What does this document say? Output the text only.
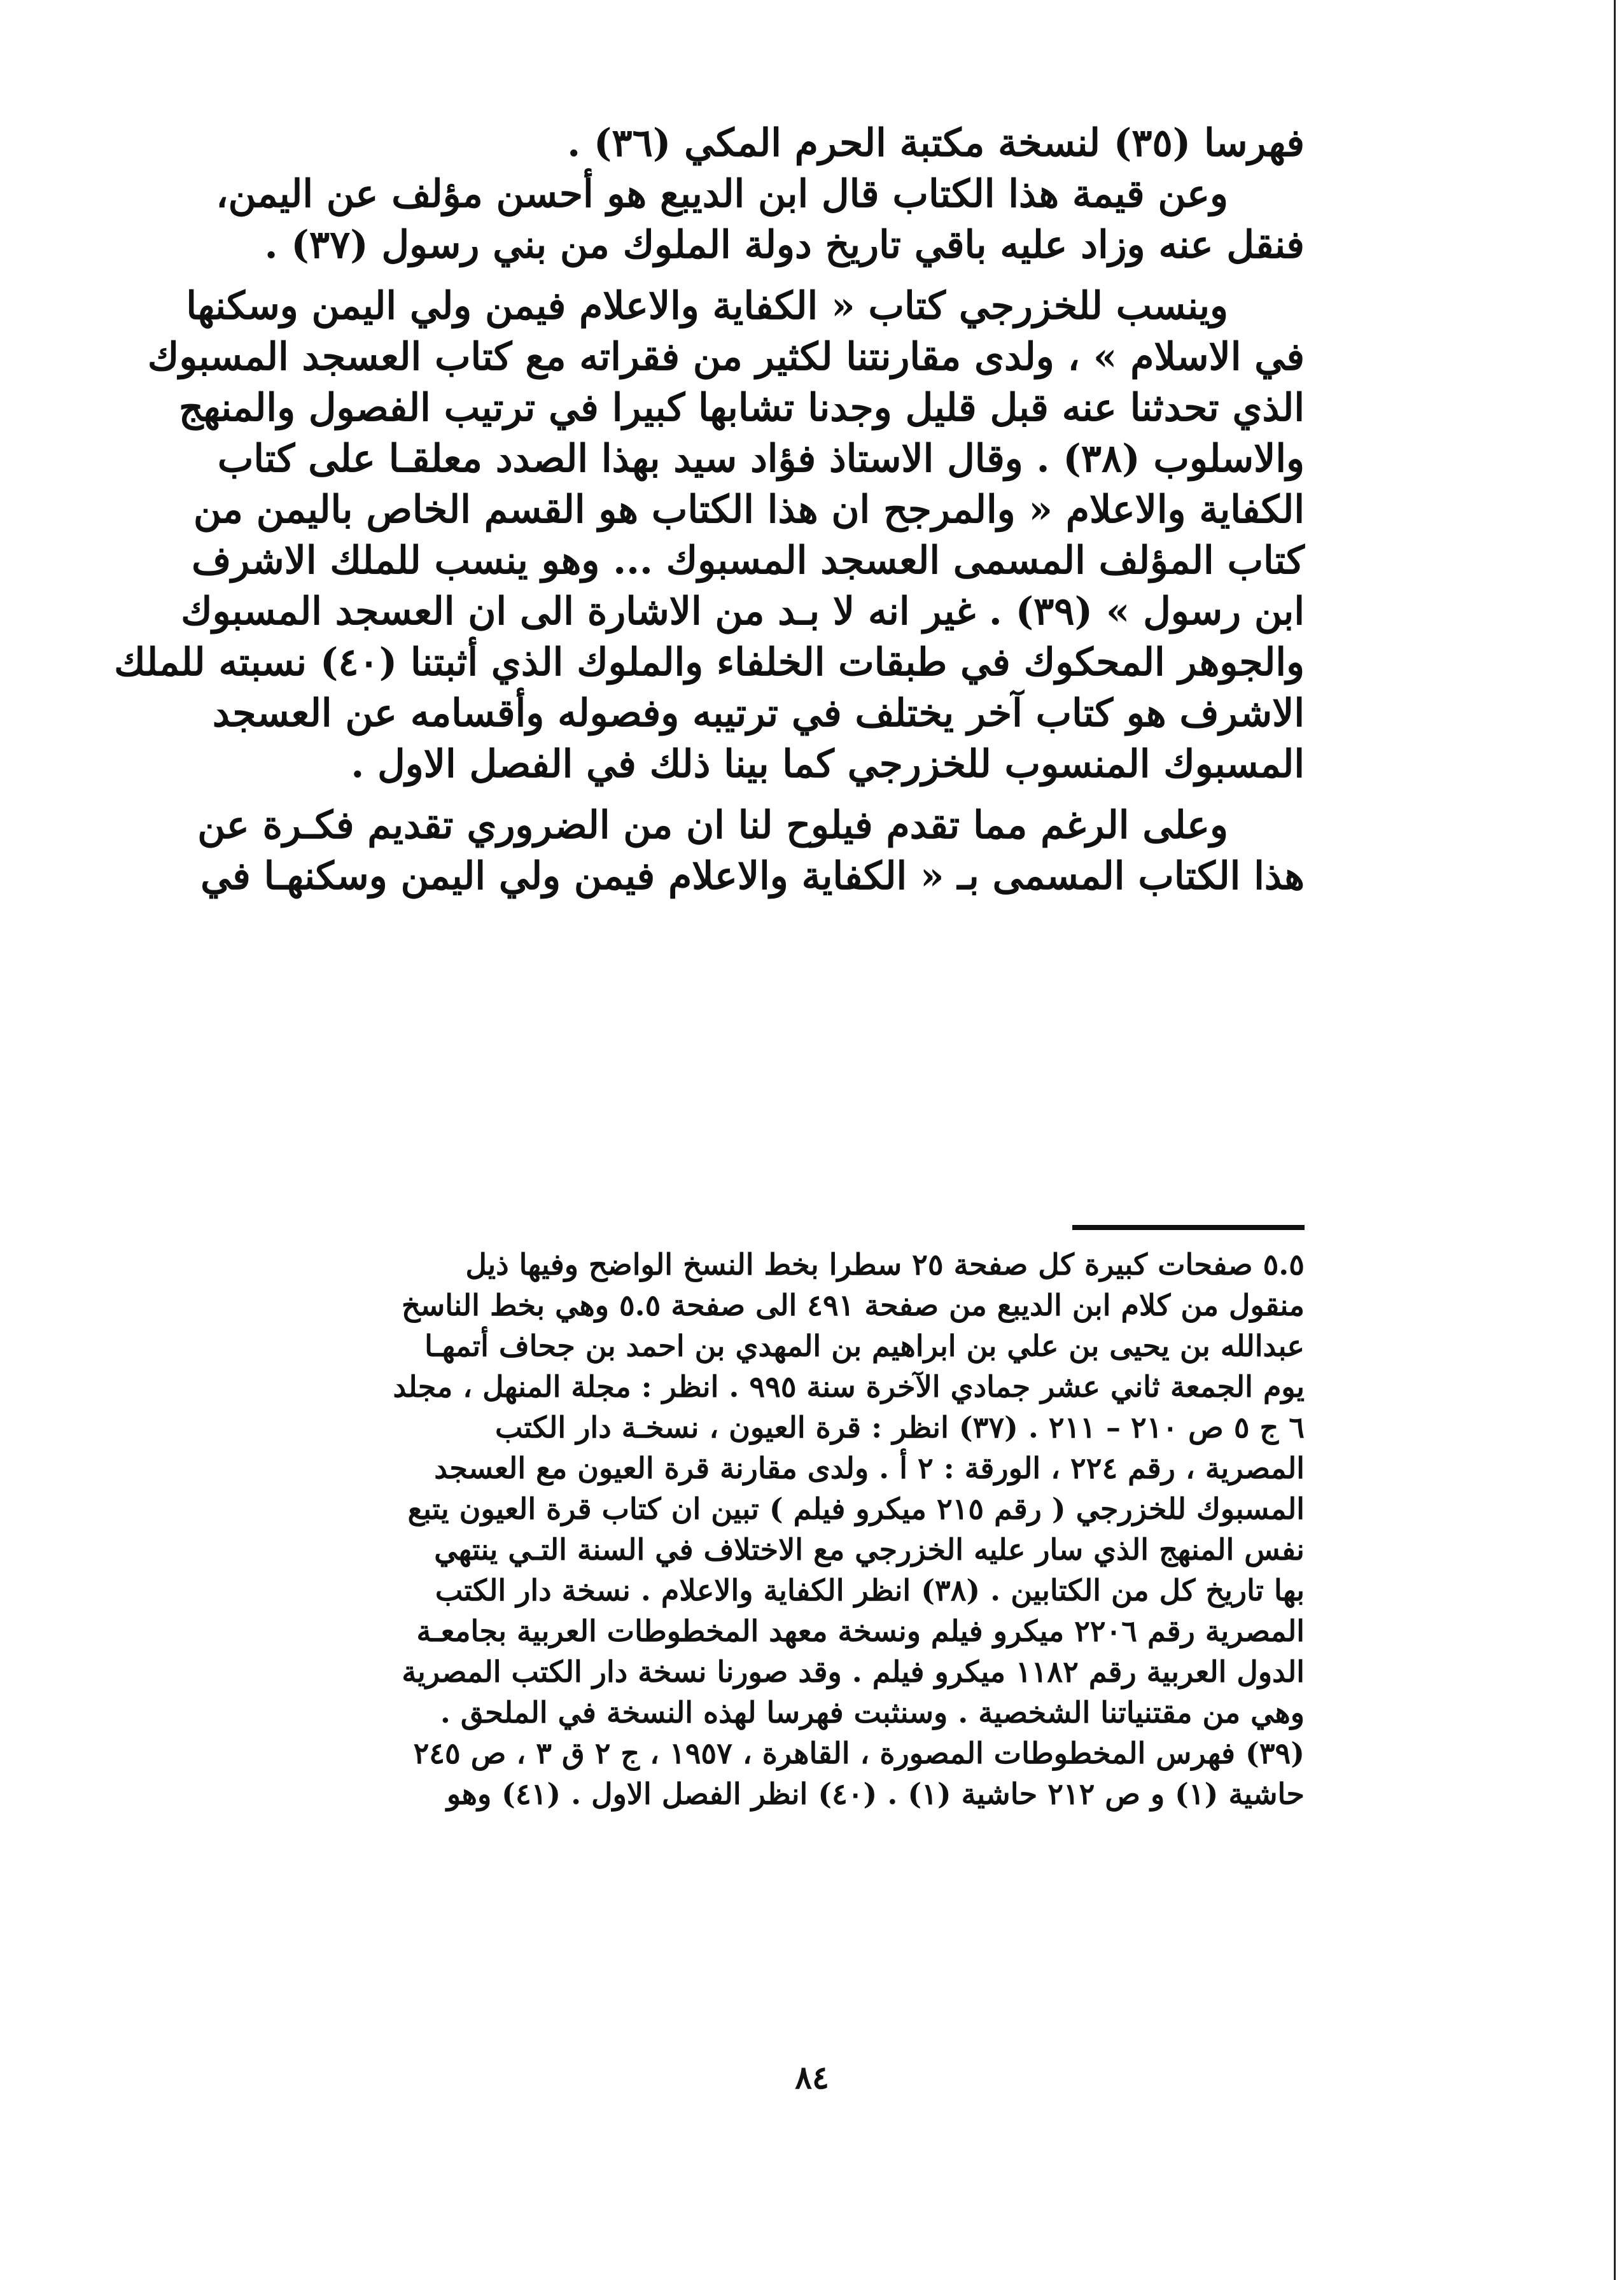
فهرسا (٣٥) لنسخة مكتبة الحرم المكي (٣٦) .
وعن قيمة هذا الكتاب قال ابن الديبع هو أحسن مؤلف عن اليمن،
فنقل عنه وزاد عليه باقي تاريخ دولة الملوك من بني رسول (٣٧) .
وينسب للخزرجي كتاب « الكفاية والاعلام فيمن ولي اليمن وسكنها
في الاسلام » ، ولدى مقارنتنا لكثير من فقراته مع كتاب العسجد المسبوك
الذي تحدثنا عنه قبل قليل وجدنا تشابها كبيرا في ترتيب الفصول والمنهج
والاسلوب (٣٨) . وقال الاستاذ فؤاد سيد بهذا الصدد معلقـا على كتاب
الكفاية والاعلام « والمرجح ان هذا الكتاب هو القسم الخاص باليمن من
كتاب المؤلف المسمى العسجد المسبوك ... وهو ينسب للملك الاشرف
ابن رسول » (٣٩) . غير انه لا بـد من الاشارة الى ان العسجد المسبوك
والجوهر المحكوك في طبقات الخلفاء والملوك الذي أثبتنا (٤٠) نسبته للملك
الاشرف هو كتاب آخر يختلف في ترتيبه وفصوله وأقسامه عن العسجد
المسبوك المنسوب للخزرجي كما بينا ذلك في الفصل الاول .
وعلى الرغم مما تقدم فيلوح لنا ان من الضروري تقديم فكـرة عن
هذا الكتاب المسمى بـ « الكفاية والاعلام فيمن ولي اليمن وسكنهـا في
٥.٥ صفحات كبيرة كل صفحة ٢٥ سطرا بخط النسخ الواضح وفيها ذيل
منقول من كلام ابن الديبع من صفحة ٤٩١ الى صفحة ٥.٥ وهي بخط الناسخ
عبدالله بن يحيى بن علي بن ابراهيم بن المهدي بن احمد بن جحاف أتمهـا
يوم الجمعة ثاني عشر جمادي الآخرة سنة ٩٩٥ . انظر : مجلة المنهل ، مجلد
٦ ج ٥ ص ٢١٠ – ٢١١ . (٣٧) انظر : قرة العيون ، نسخـة دار الكتب
المصرية ، رقم ٢٢٤ ، الورقة : ٢ أ . ولدى مقارنة قرة العيون مع العسجد
المسبوك للخزرجي ( رقم ٢١٥ ميكرو فيلم ) تبين ان كتاب قرة العيون يتبع
نفس المنهج الذي سار عليه الخزرجي مع الاختلاف في السنة التـي ينتهي
بها تاريخ كل من الكتابين . (٣٨) انظر الكفاية والاعلام . نسخة دار الكتب
المصرية رقم ٢٢٠٦ ميكرو فيلم ونسخة معهد المخطوطات العربية بجامعـة
الدول العربية رقم ١١٨٢ ميكرو فيلم . وقد صورنا نسخة دار الكتب المصرية
وهي من مقتنياتنا الشخصية . وسنثبت فهرسا لهذه النسخة في الملحق .
(٣٩) فهرس المخطوطات المصورة ، القاهرة ، ١٩٥٧ ، ج ٢ ق ٣ ، ص ٢٤٥
حاشية (١) و ص ٢١٢ حاشية (١) . (٤٠) انظر الفصل الاول . (٤١) وهو
٨٤
